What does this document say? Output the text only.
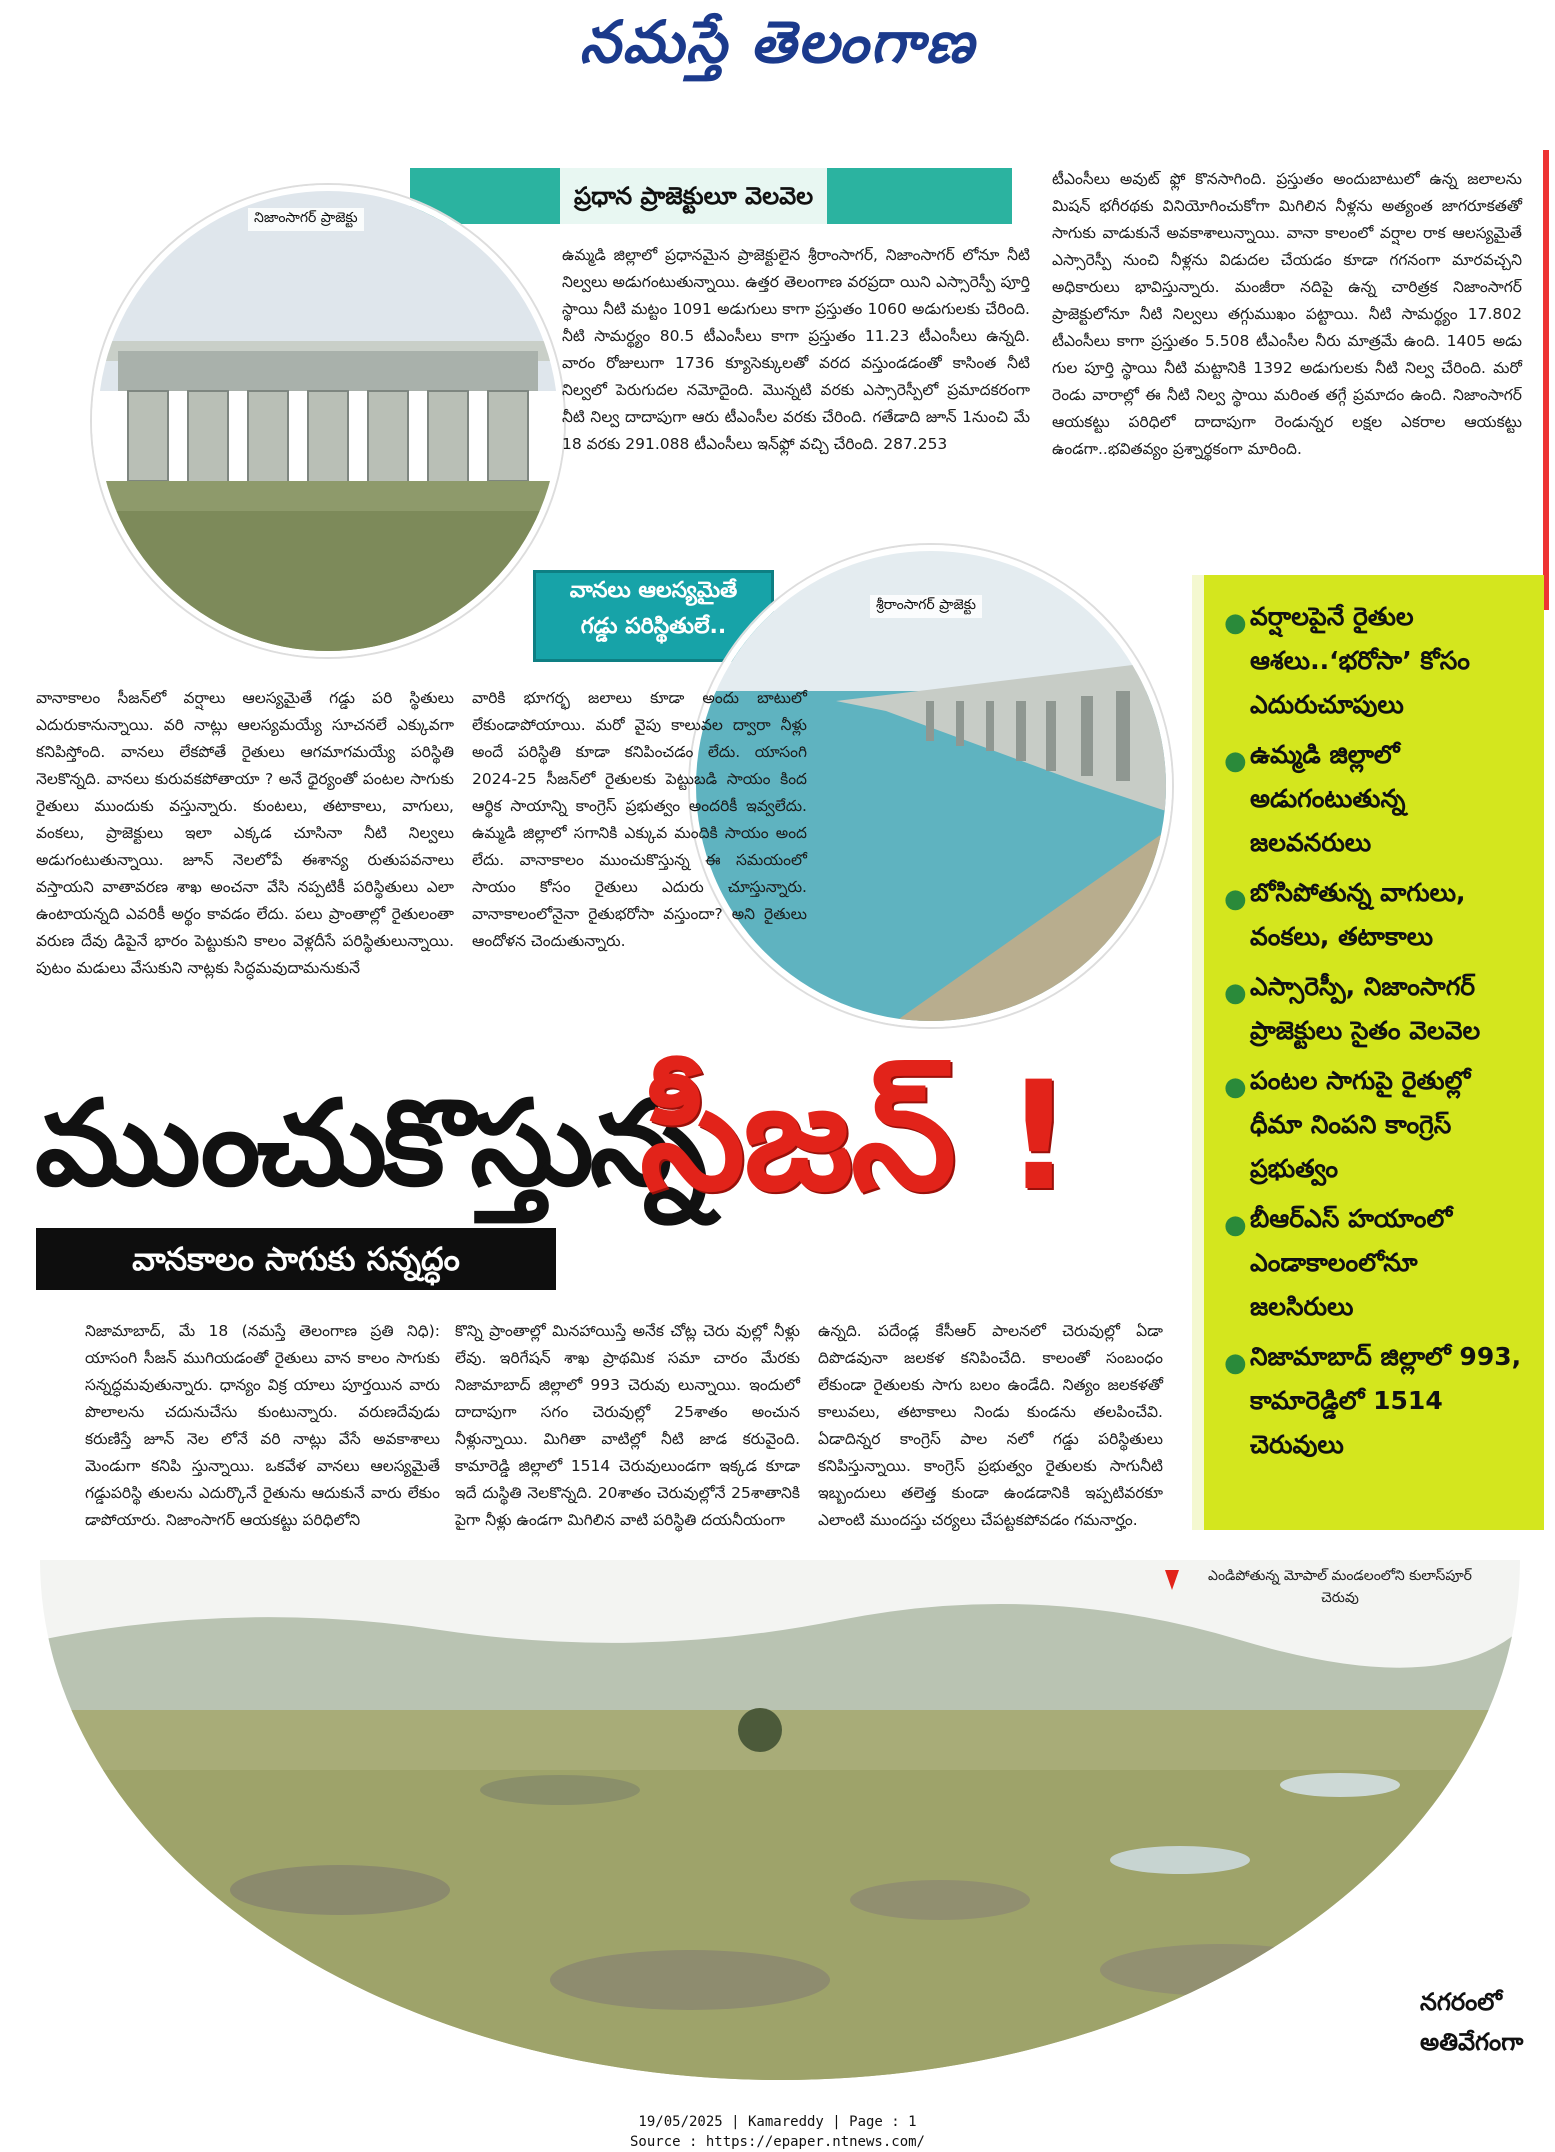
నమస్తే తెలంగాణ
ప్రధాన ప్రాజెక్టులూ వెలవెల
నిజాంసాగర్ ప్రాజెక్టు
ఉమ్మడి జిల్లాలో ప్రధానమైన ప్రాజెక్టులైన శ్రీరాంసాగర్, నిజాంసాగర్ లోనూ నీటి నిల్వలు అడుగంటుతున్నాయి. ఉత్తర తెలంగాణ వరప్రదా యిని ఎస్సారెస్పీ పూర్తి స్థాయి నీటి మట్టం 1091 అడుగులు కాగా ప్రస్తుతం 1060 అడుగులకు చేరింది. నీటి సామర్థ్యం 80.5 టీఎంసీలు కాగా ప్రస్తుతం 11.23 టీఎంసీలు ఉన్నది. వారం రోజులుగా 1736 క్యూసెక్కులతో వరద వస్తుండడంతో కాసింత నీటి నిల్వలో పెరుగుదల నమోదైంది. మొన్నటి వరకు ఎస్సారెస్పీలో ప్రమాదకరంగా నీటి నిల్వ దాదాపుగా ఆరు టీఎంసీల వరకు చేరింది. గతేడాది జూన్ 1నుంచి మే 18 వరకు 291.088 టీఎంసీలు ఇన్‌ఫ్లో వచ్చి చేరింది. 287.253
టీఎంసీలు అవుట్ ఫ్లో కొనసాగింది. ప్రస్తుతం అందుబాటులో ఉన్న జలాలను మిషన్ భగీరథకు వినియోగించుకోగా మిగిలిన నీళ్లను అత్యంత జాగరూకతతో సాగుకు వాడుకునే అవకాశాలున్నాయి. వానా కాలంలో వర్షాల రాక ఆలస్యమైతే ఎస్సారెస్పీ నుంచి నీళ్లను విడుదల చేయడం కూడా గగనంగా మారవచ్చని అధికారులు భావిస్తున్నారు. మంజీరా నదిపై ఉన్న చారిత్రక నిజాంసాగర్ ప్రాజెక్టులోనూ నీటి నిల్వలు తగ్గుముఖం పట్టాయి. నీటి సామర్థ్యం 17.802 టీఎంసీలు కాగా ప్రస్తుతం 5.508 టీఎంసీల నీరు మాత్రమే ఉంది. 1405 అడు గుల పూర్తి స్థాయి నీటి మట్టానికి 1392 అడుగులకు నీటి నిల్వ చేరింది. మరో రెండు వారాల్లో ఈ నీటి నిల్వ స్థాయి మరింత తగ్గే ప్రమాదం ఉంది. నిజాంసాగర్ ఆయకట్టు పరిధిలో దాదాపుగా రెండున్నర లక్షల ఎకరాల ఆయకట్టు ఉండగా..భవితవ్యం ప్రశ్నార్థకంగా మారింది.
వానలు ఆలస్యమైతే
గడ్డు పరిస్థితులే..
శ్రీరాంసాగర్ ప్రాజెక్టు
వానాకాలం సీజన్‌లో వర్షాలు ఆలస్యమైతే గడ్డు పరి స్థితులు ఎదురుకానున్నాయి. వరి నాట్లు ఆలస్యమయ్యే సూచనలే ఎక్కువగా కనిపిస్తోంది. వానలు లేకపోతే రైతులు ఆగమాగమయ్యే పరిస్థితి నెలకొన్నది. వానలు కురువకపోతాయా ? అనే ధైర్యంతో పంటల సాగుకు రైతులు ముందుకు వస్తున్నారు. కుంటలు, తటాకాలు, వాగులు, వంకలు, ప్రాజెక్టులు ఇలా ఎక్కడ చూసినా నీటి నిల్వలు అడుగంటుతున్నాయి. జూన్ నెలలోపే ఈశాన్య రుతుపవనాలు వస్తాయని వాతావరణ శాఖ అంచనా వేసి నప్పటికీ పరిస్థితులు ఎలా ఉంటాయన్నది ఎవరికీ అర్థం కావడం లేదు. పలు ప్రాంతాల్లో రైతులంతా వరుణ దేవు డిపైనే భారం పెట్టుకుని కాలం వెళ్లదీసే పరిస్థితులున్నాయి. పుటం మడులు వేసుకుని నాట్లకు సిద్ధమవుదామనుకునే
వారికి భూగర్భ జలాలు కూడా అందు బాటులో లేకుండాపోయాయి. మరో వైపు కాలువల ద్వారా నీళ్లు అందే పరిస్థితి కూడా కనిపించడం లేదు. యాసంగి 2024-25 సీజన్‌లో రైతులకు పెట్టుబడి సాయం కింద ఆర్థిక సాయాన్ని కాంగ్రెస్ ప్రభుత్వం అందరికీ ఇవ్వలేదు. ఉమ్మడి జిల్లాలో సగానికి ఎక్కువ మందికి సాయం అంద లేదు. వానాకాలం ముంచుకొస్తున్న ఈ సమయంలో సాయం కోసం రైతులు ఎదురు చూస్తున్నారు. వానాకాలంలోనైనా రైతుభరోసా వస్తుందా? అని రైతులు ఆందోళన చెందుతున్నారు.
● వర్షాలపైనే రైతుల ఆశలు..‘భరోసా’ కోసం ఎదురుచూపులు
● ఉమ్మడి జిల్లాలో అడుగంటుతున్న జలవనరులు
● బోసిపోతున్న వాగులు, వంకలు, తటాకాలు
● ఎస్సారెస్పీ, నిజాంసాగర్ ప్రాజెక్టులు సైతం వెలవెల
● పంటల సాగుపై రైతుల్లో ధీమా నింపని కాంగ్రెస్ ప్రభుత్వం
● బీఆర్‌ఎస్ హయాంలో ఎండాకాలంలోనూ జలసిరులు
● నిజామాబాద్ జిల్లాలో 993, కామారెడ్డిలో 1514 చెరువులు
ముంచుకొస్తున్న
సీజన్ !
వానకాలం సాగుకు సన్నద్ధం
నిజామాబాద్, మే 18 (నమస్తే తెలంగాణ ప్రతి నిధి): యాసంగి సీజన్ ముగియడంతో రైతులు వాన కాలం సాగుకు సన్నద్ధమవుతున్నారు. ధాన్యం విక్ర యాలు పూర్తయిన వారు పొలాలను చదునుచేసు కుంటున్నారు. వరుణదేవుడు కరుణిస్తే జూన్ నెల లోనే వరి నాట్లు వేసే అవకాశాలు మెండుగా కనిపి స్తున్నాయి. ఒకవేళ వానలు ఆలస్యమైతే గడ్డుపరిస్థి తులను ఎదుర్కొనే రైతును ఆదుకునే వారు లేకుం డాపోయారు. నిజాంసాగర్ ఆయకట్టు పరిధిలోని
కొన్ని ప్రాంతాల్లో మినహాయిస్తే అనేక చోట్ల చెరు వుల్లో నీళ్లు లేవు. ఇరిగేషన్ శాఖ ప్రాథమిక సమా చారం మేరకు నిజామాబాద్ జిల్లాలో 993 చెరువు లున్నాయి. ఇందులో దాదాపుగా సగం చెరువుల్లో 25శాతం అంచున నీళ్లున్నాయి. మిగితా వాటిల్లో నీటి జాడ కరువైంది. కామారెడ్డి జిల్లాలో 1514 చెరువులుండగా ఇక్కడ కూడా ఇదే దుస్థితి నెలకొన్నది. 20శాతం చెరువుల్లోనే 25శాతానికి పైగా నీళ్లు ఉండగా మిగిలిన వాటి పరిస్థితి దయనీయంగా
ఉన్నది. పదేండ్ల కేసీఆర్ పాలనలో చెరువుల్లో ఏడా దిపొడవునా జలకళ కనిపించేది. కాలంతో సంబంధం లేకుండా రైతులకు సాగు బలం ఉండేది. నిత్యం జలకళతో కాలువలు, తటాకాలు నిండు కుండను తలపించేవి. ఏడాదిన్నర కాంగ్రెస్ పాల నలో గడ్డు పరిస్థితులు కనిపిస్తున్నాయి. కాంగ్రెస్ ప్రభుత్వం రైతులకు సాగునీటి ఇబ్బందులు తలెత్త కుండా ఉండడానికి ఇప్పటివరకూ ఎలాంటి ముందస్తు చర్యలు చేపట్టకపోవడం గమనార్హం.
ఎండిపోతున్న మోపాల్ మండలంలోని కులాస్‌పూర్ చెరువు
నగరంలో
అతివేగంగా
19/05/2025 | Kamareddy | Page : 1
Source : https://epaper.ntnews.com/
